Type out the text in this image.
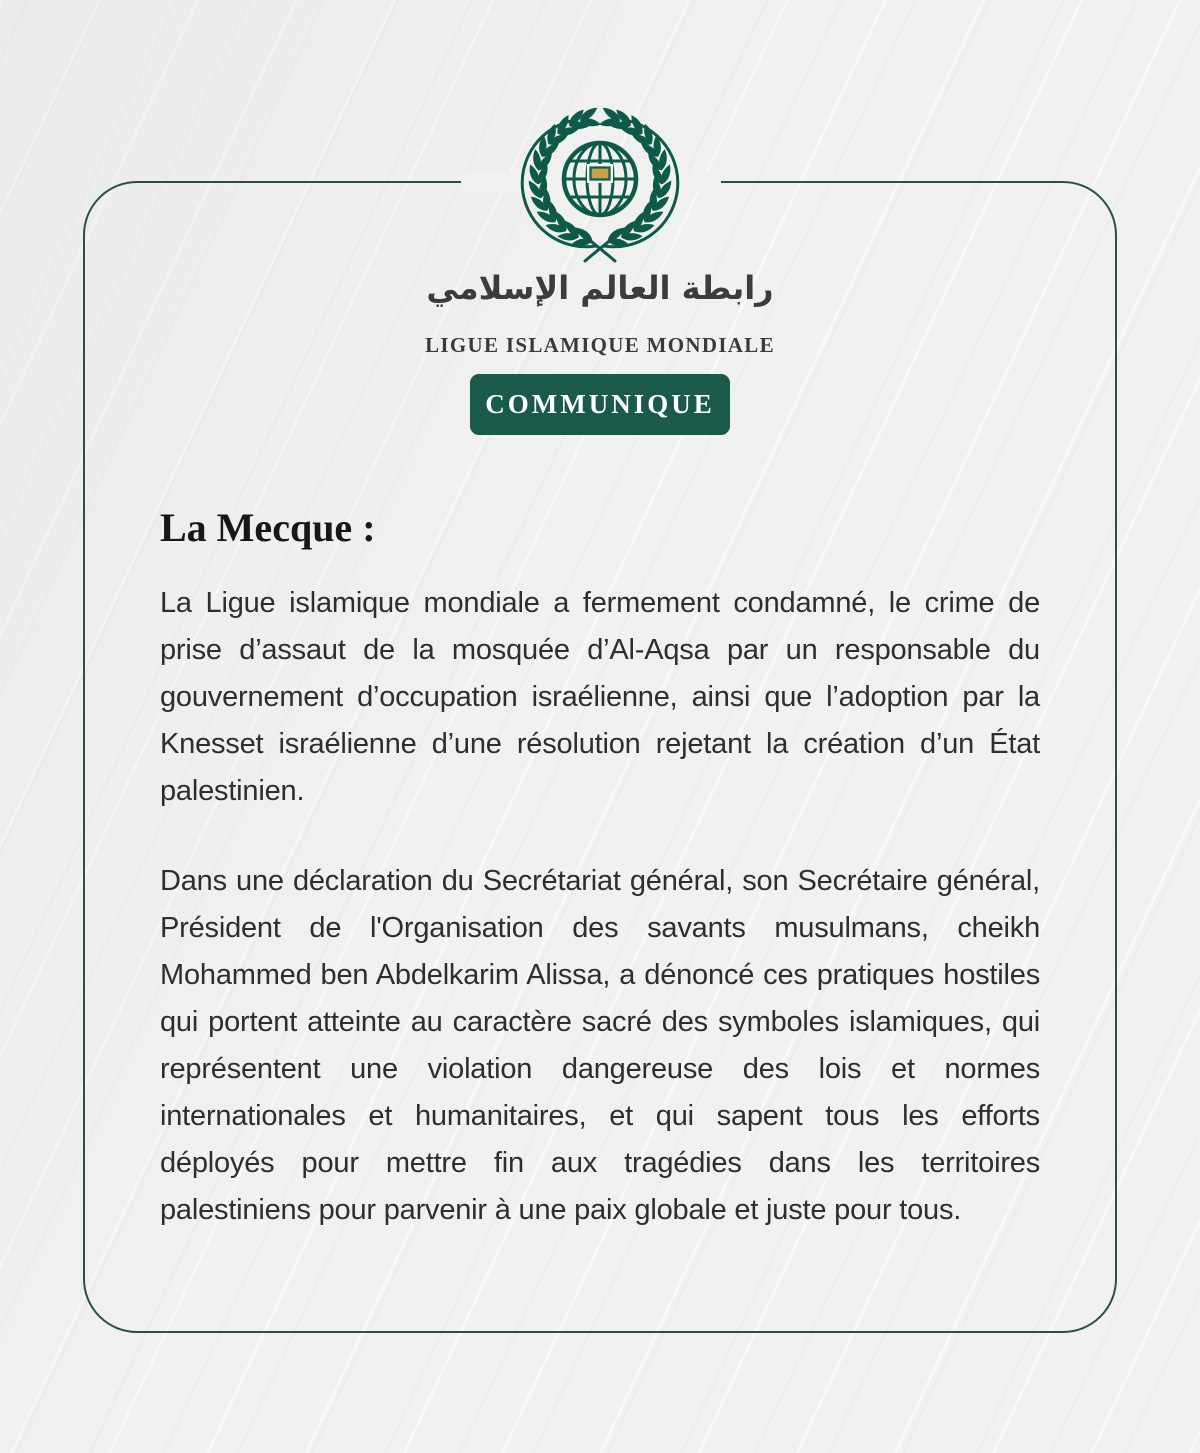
رابطة العالم الإسلامي
LIGUE ISLAMIQUE MONDIALE
COMMUNIQUE
La Mecque :

La Ligue islamique mondiale a fermement condamné, le crime de prise d’assaut de la mosquée d’Al-Aqsa par un responsable du gouvernement d’occupation israélienne, ainsi que l’adoption par la Knesset israélienne d’une résolution rejetant la création d’un État palestinien.

Dans une déclaration du Secrétariat général, son Secrétaire général, Président de l'Organisation des savants musulmans, cheikh Mohammed ben Abdelkarim Alissa, a dénoncé ces pratiques hostiles qui portent atteinte au caractère sacré des symboles islamiques, qui représentent une violation dangereuse des lois et normes internationales et humanitaires, et qui sapent tous les efforts déployés pour mettre fin aux tragédies dans les territoires palestiniens pour parvenir à une paix globale et juste pour tous.
